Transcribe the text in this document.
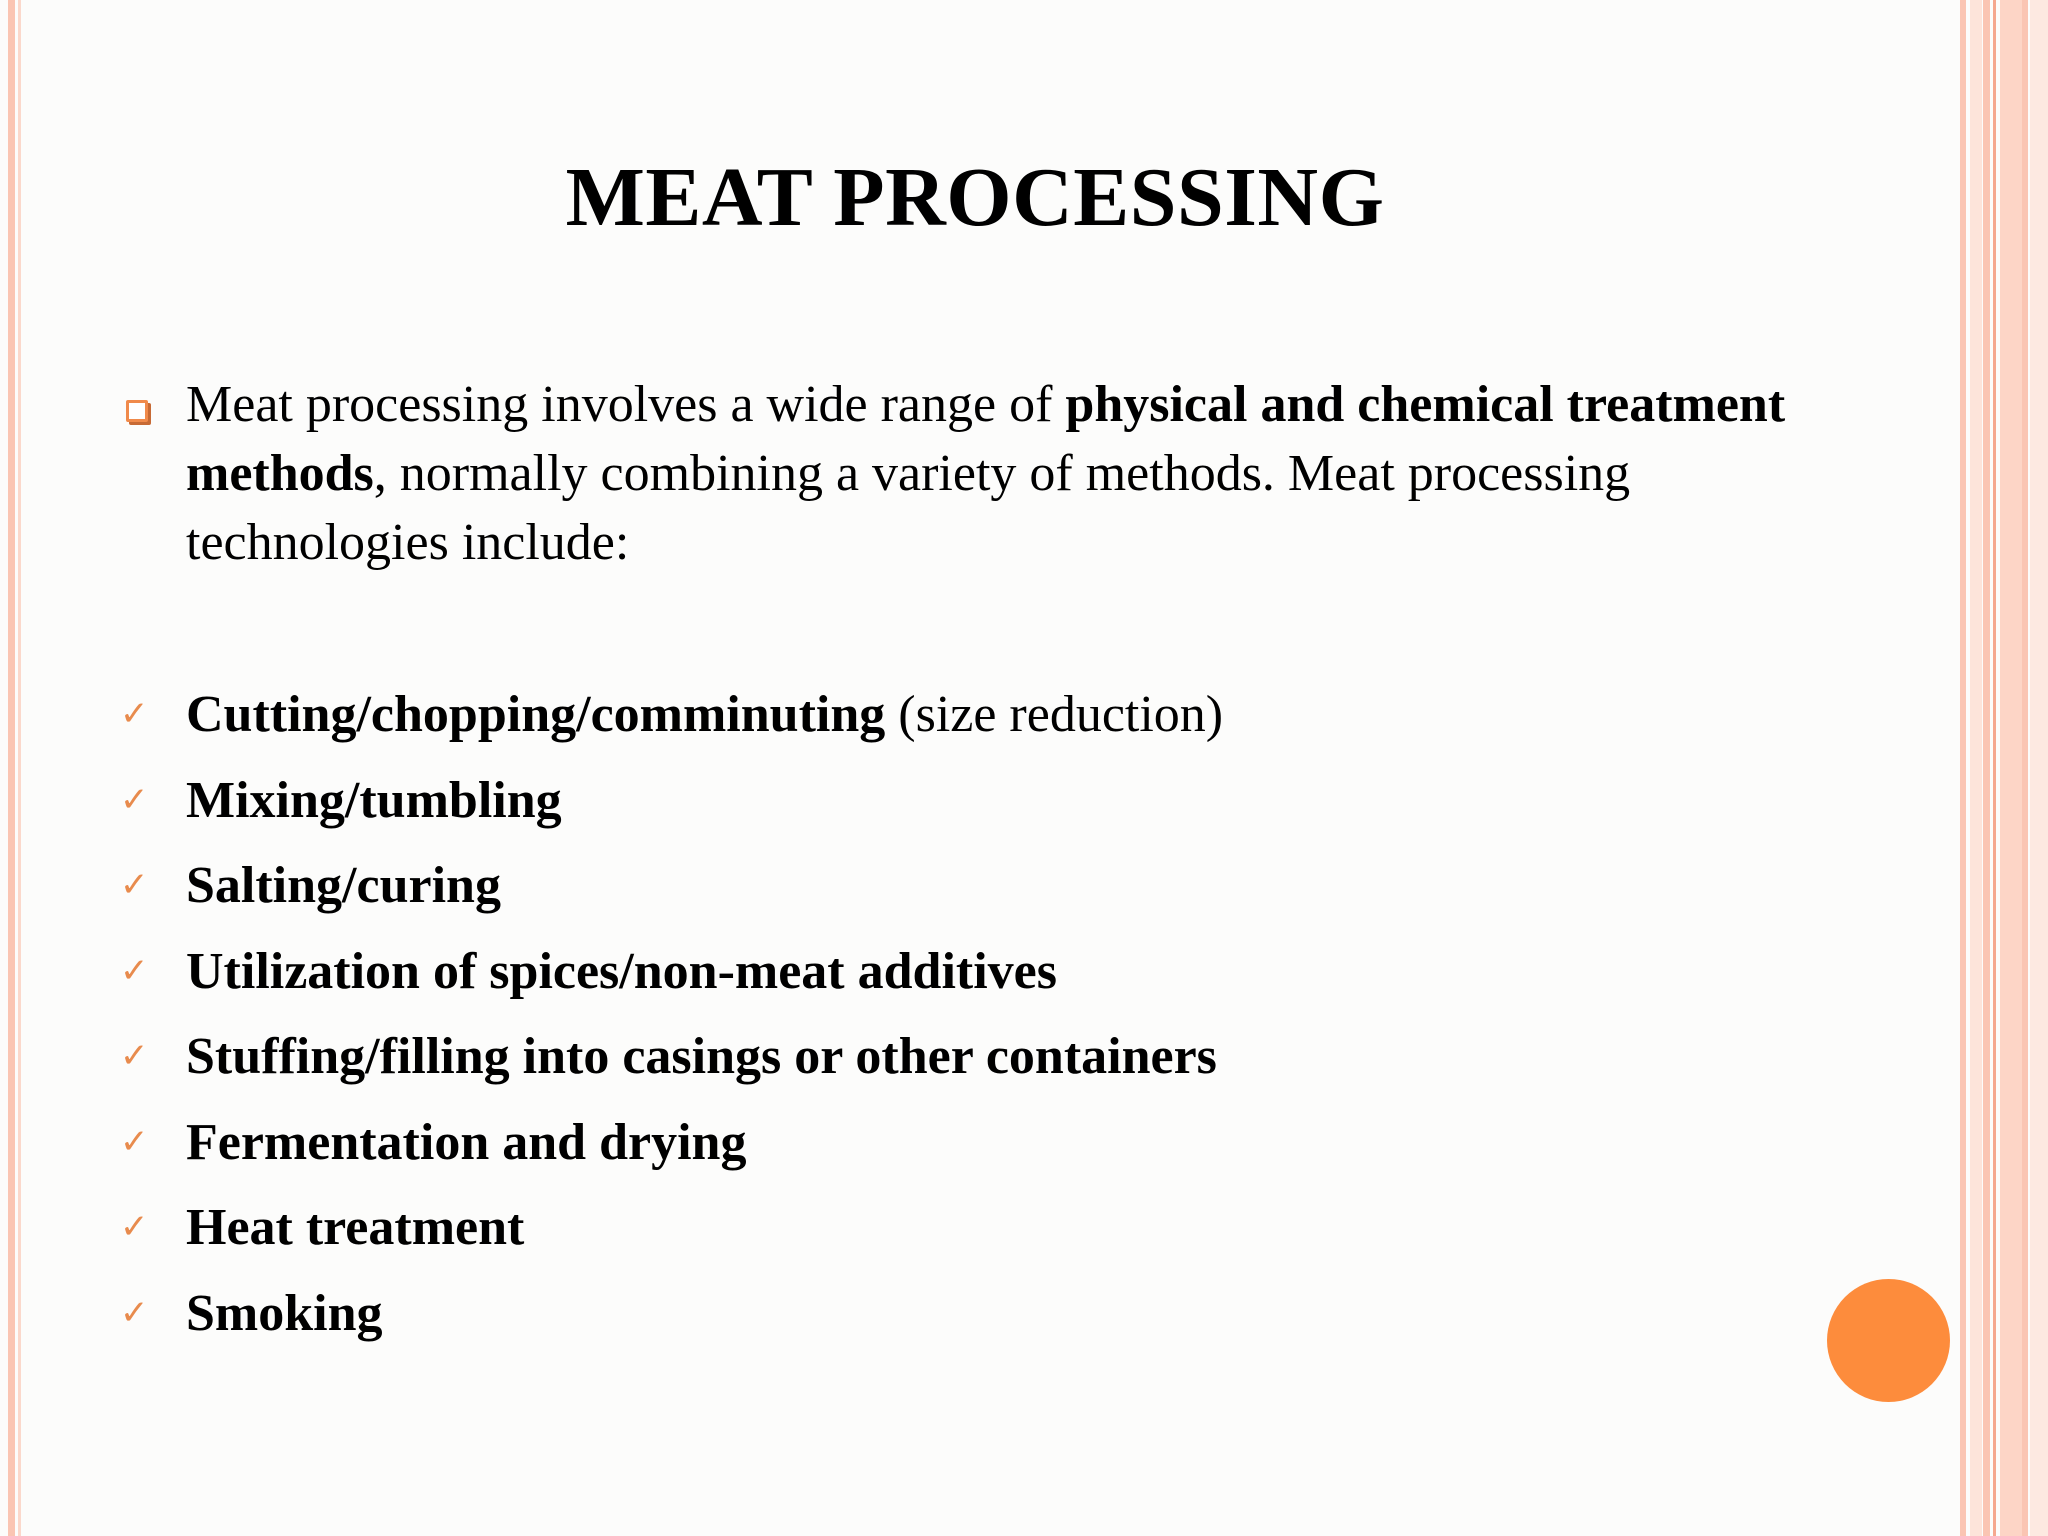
MEAT PROCESSING
Meat processing involves a wide range of physical and chemical treatment methods, normally combining a variety of methods. Meat processing technologies include:
✓ Cutting/chopping/comminuting (size reduction)
✓ Mixing/tumbling
✓ Salting/curing
✓ Utilization of spices/non-meat additives
✓ Stuffing/filling into casings or other containers
✓ Fermentation and drying
✓ Heat treatment
✓ Smoking
